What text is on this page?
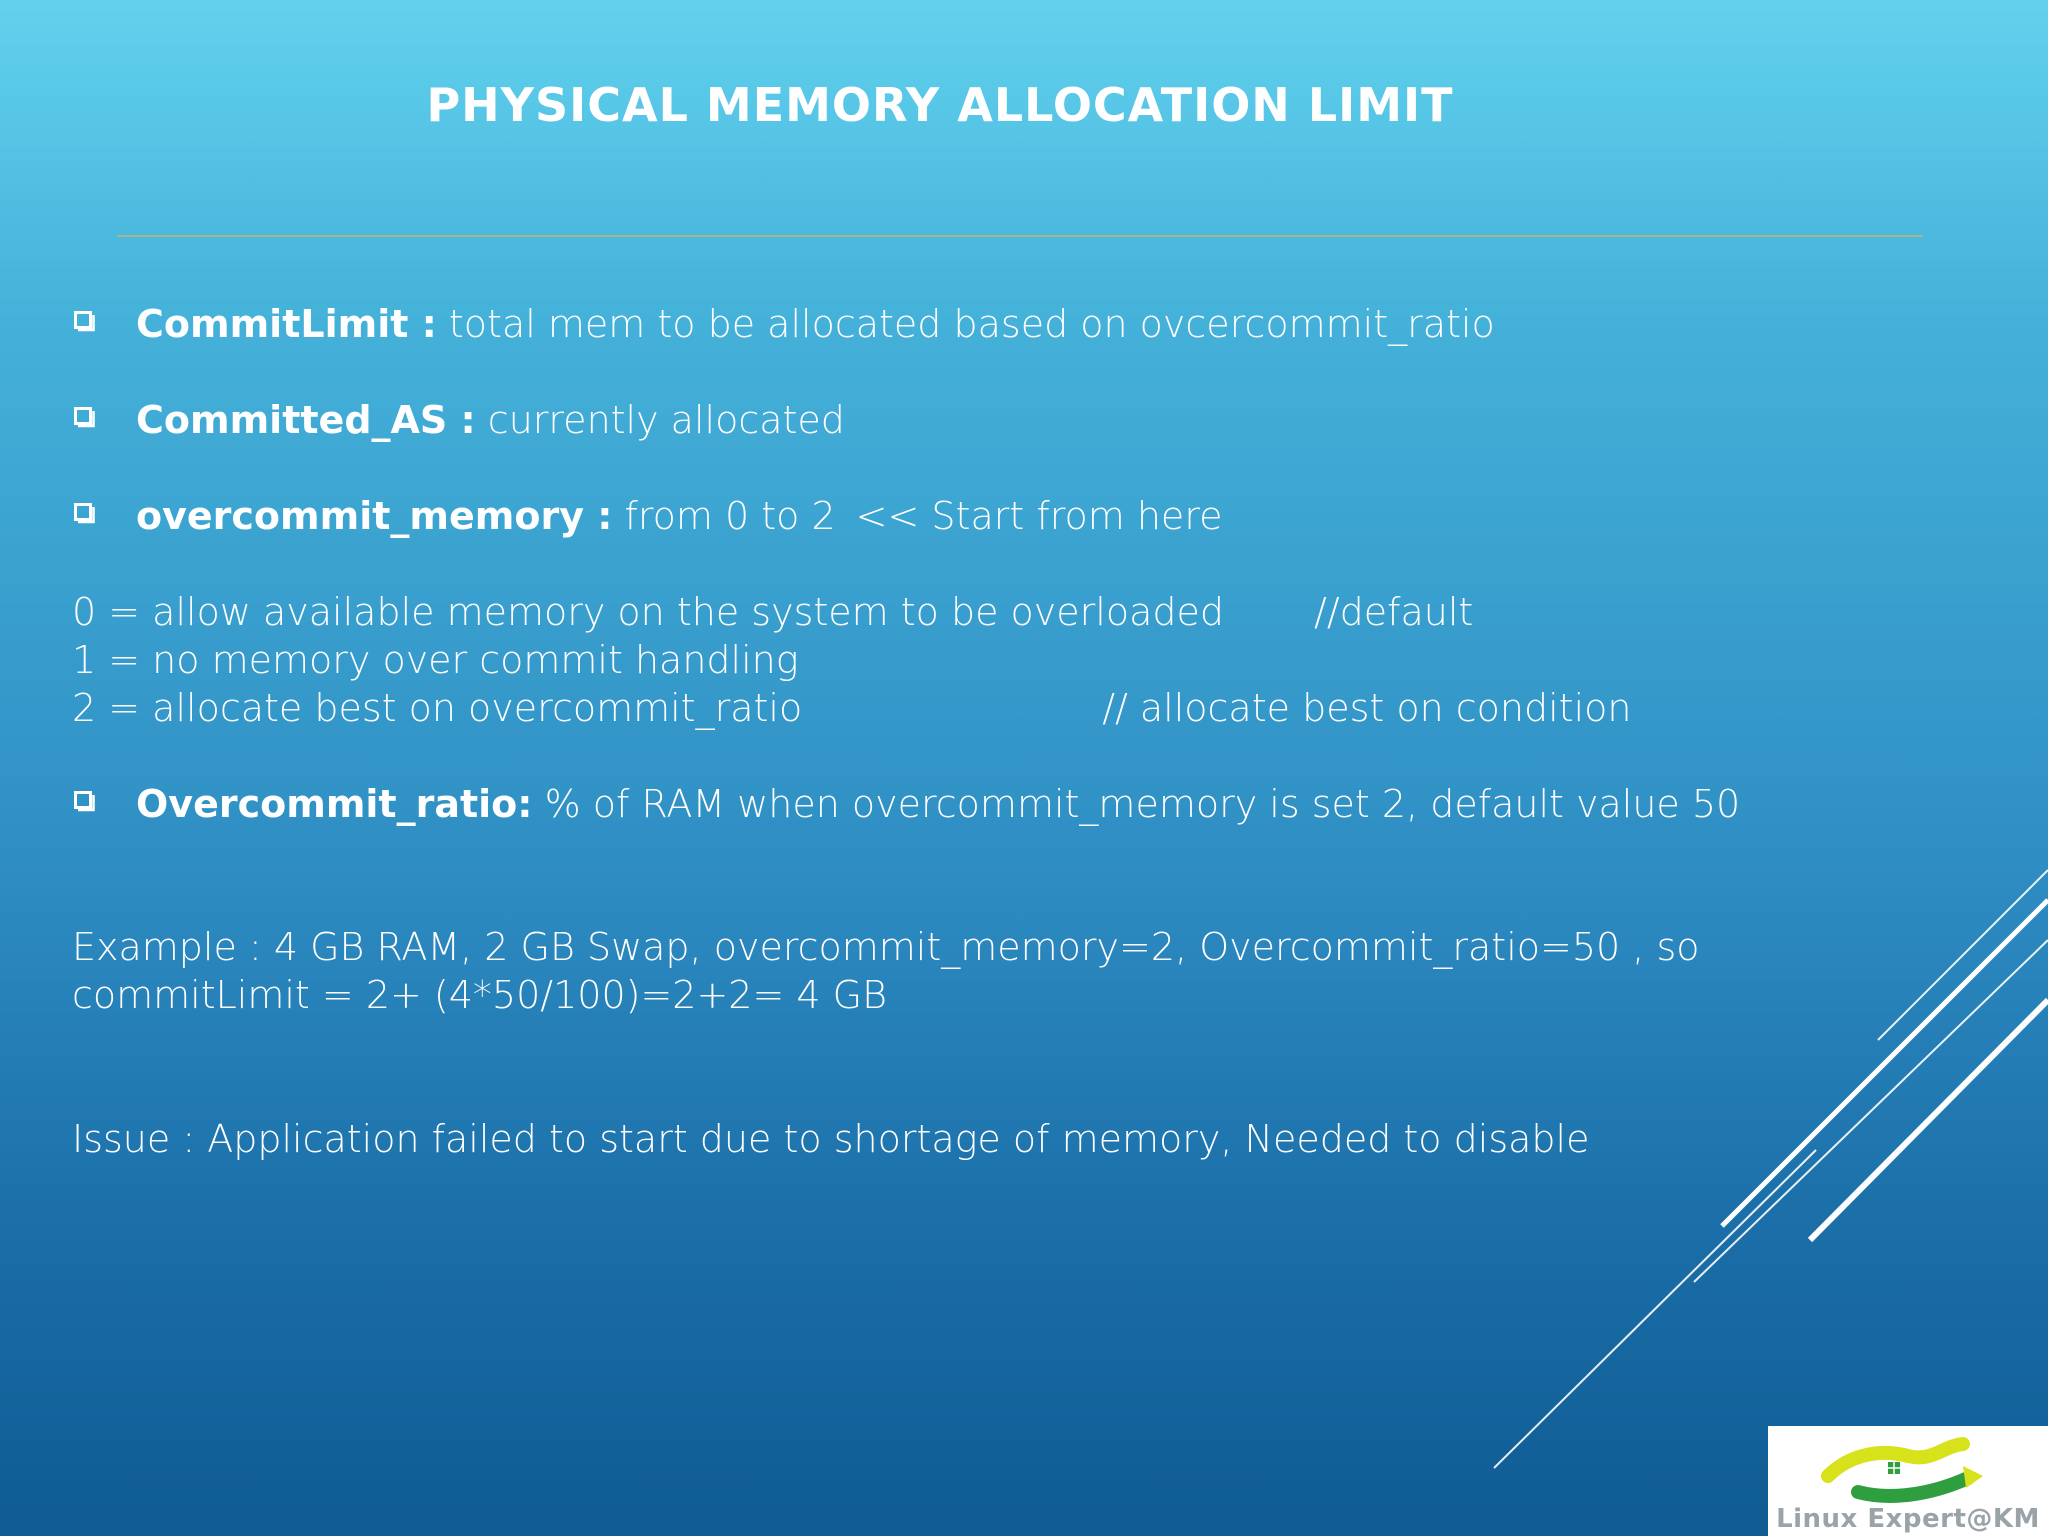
PHYSICAL MEMORY ALLOCATION LIMIT
CommitLimit : total mem to be allocated based on ovcercommit_ratio
Committed_AS : currently allocated
overcommit_memory : from 0 to 2 << Start from here
0 = allow available memory on the system to be overloaded //default
1 = no memory over commit handling
2 = allocate best on overcommit_ratio	// allocate best on condition
Overcommit_ratio: % of RAM when overcommit_memory is set 2, default value 50
Example : 4 GB RAM, 2 GB Swap, overcommit_memory=2, Overcommit_ratio=50 , so
commitLimit = 2+ (4*50/100)=2+2= 4 GB
Issue : Application failed to start due to shortage of memory, Needed to disable
Linux Expert@KM
